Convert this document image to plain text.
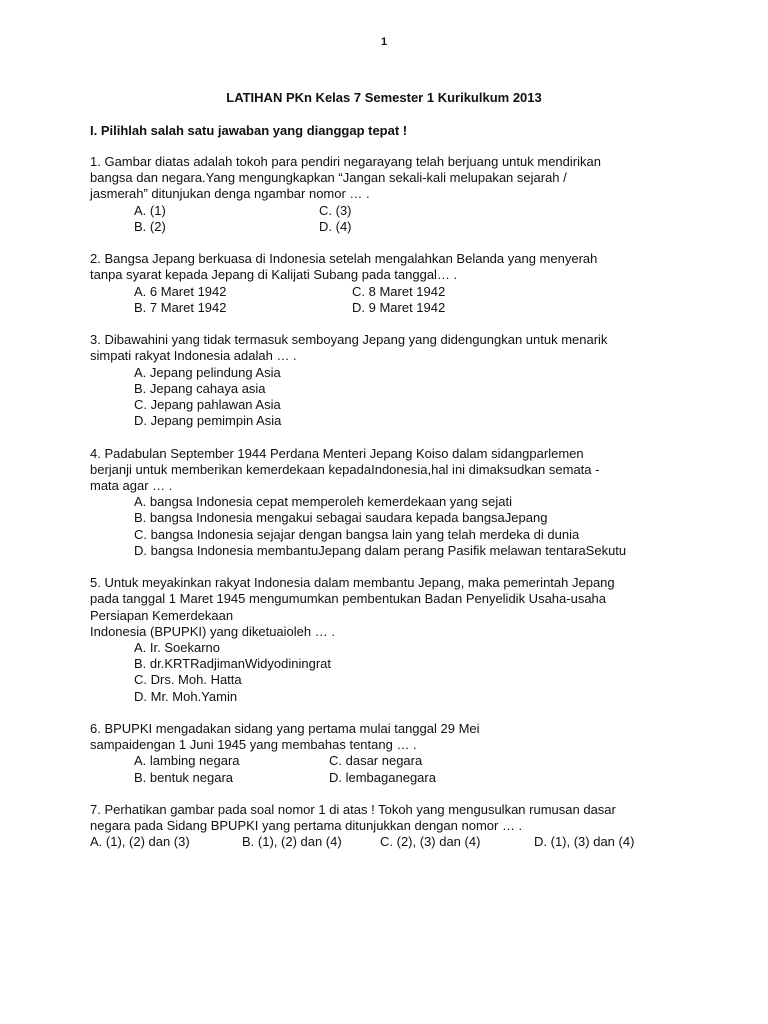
1
LATIHAN PKn Kelas 7 Semester 1 Kurikulkum 2013
I. Pilihlah salah satu jawaban yang dianggap tepat !

1. Gambar diatas adalah tokoh para pendiri negarayang telah berjuang untuk mendirikan

bangsa dan negara.Yang mengungkapkan “Jangan sekali-kali melupakan sejarah /

jasmerah” ditunjukan denga ngambar nomor … .

A. (1)	C. (3)
B. (2)	D. (4)

2. Bangsa Jepang berkuasa di Indonesia setelah mengalahkan Belanda yang menyerah

tanpa syarat kepada Jepang di Kalijati Subang pada tanggal… .

A. 6 Maret 1942	C. 8 Maret 1942
B. 7 Maret 1942	D. 9 Maret 1942

3. Dibawahini yang tidak termasuk semboyang Jepang yang didengungkan untuk menarik

simpati rakyat Indonesia adalah … .

A. Jepang pelindung Asia

B. Jepang cahaya asia

C. Jepang pahlawan Asia

D. Jepang pemimpin Asia

4. Padabulan September 1944 Perdana Menteri Jepang Koiso dalam sidangparlemen

berjanji untuk memberikan kemerdekaan kepadaIndonesia,hal ini dimaksudkan semata -

mata agar … .

A. bangsa Indonesia cepat memperoleh kemerdekaan yang sejati

B. bangsa Indonesia mengakui sebagai saudara kepada bangsaJepang

C. bangsa Indonesia sejajar dengan bangsa lain yang telah merdeka di dunia

D. bangsa Indonesia membantuJepang dalam perang Pasifik melawan tentaraSekutu

5. Untuk meyakinkan rakyat Indonesia dalam membantu Jepang, maka pemerintah Jepang

pada tanggal 1 Maret 1945 mengumumkan pembentukan Badan Penyelidik Usaha-usaha

Persiapan Kemerdekaan

Indonesia (BPUPKI) yang diketuaioleh … .

A. Ir. Soekarno

B. dr.KRTRadjimanWidyodiningrat

C. Drs. Moh. Hatta

D. Mr. Moh.Yamin

6. BPUPKI mengadakan sidang yang pertama mulai tanggal 29 Mei

sampaidengan 1 Juni 1945 yang membahas tentang … .

A. lambing negara	C. dasar negara
B. bentuk negara	D. lembaganegara

7. Perhatikan gambar pada soal nomor 1 di atas ! Tokoh yang mengusulkan rumusan dasar

negara pada Sidang BPUPKI yang pertama ditunjukkan dengan nomor … .

A. (1), (2) dan (3)	B. (1), (2) dan (4)	C. (2), (3) dan (4)	D. (1), (3) dan (4)
